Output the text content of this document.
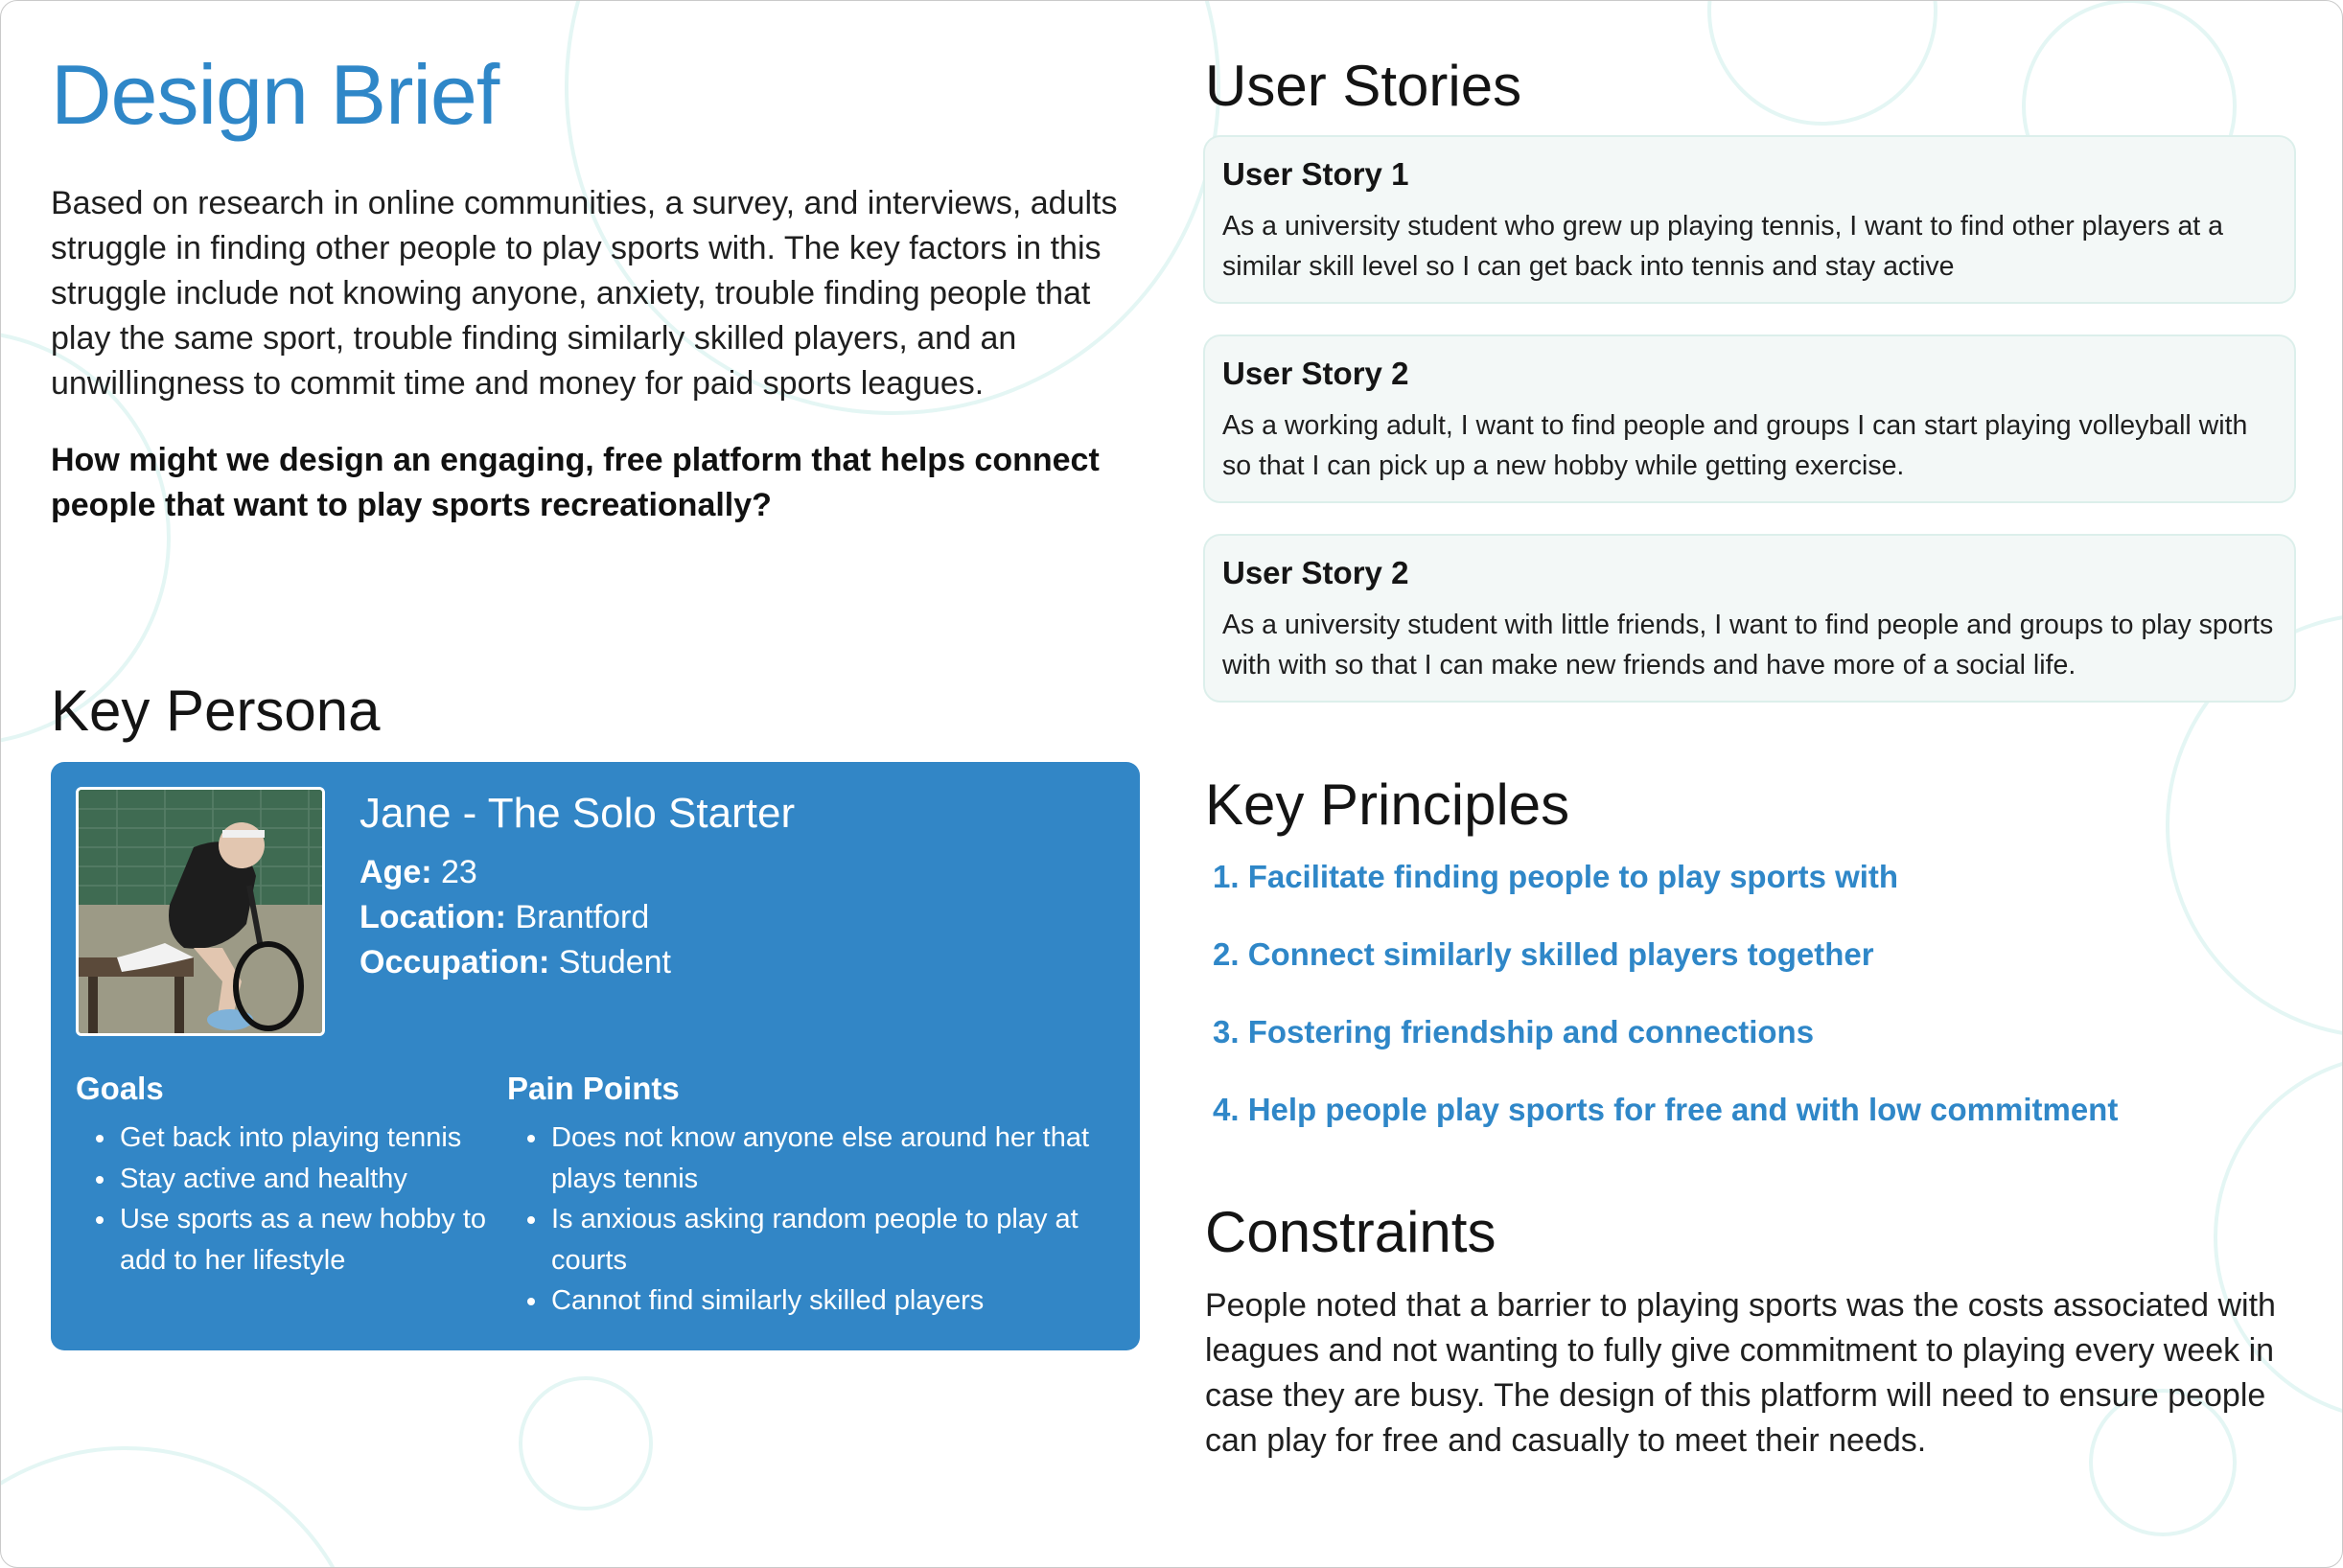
Design Brief

Based on research in online communities, a survey, and interviews, adults struggle in finding other people to play sports with. The key factors in this struggle include not knowing anyone, anxiety, trouble finding people that play the same sport, trouble finding similarly skilled players, and an unwillingness to commit time and money for paid sports leagues.

How might we design an engaging, free platform that helps connect people that want to play sports recreationally?

Key Persona
Jane - The Solo Starter
Age: 23
Location: Brantford
Occupation: Student
Goals
• Get back into playing tennis
• Stay active and healthy
• Use sports as a new hobby to add to her lifestyle
Pain Points
• Does not know anyone else around her that plays tennis
• Is anxious asking random people to play at courts
• Cannot find similarly skilled players
User Stories
User Story 1

As a university student who grew up playing tennis, I want to find other players at a similar skill level so I can get back into tennis and stay active

User Story 2

As a working adult, I want to find people and groups I can start playing volleyball with so that I can pick up a new hobby while getting exercise.

User Story 2

As a university student with little friends, I want to find people and groups to play sports with with so that I can make new friends and have more of a social life.

Key Principles
1. Facilitate finding people to play sports with
2. Connect similarly skilled players together
3. Fostering friendship and connections
4. Help people play sports for free and with low commitment
Constraints

People noted that a barrier to playing sports was the costs associated with leagues and not wanting to fully give commitment to playing every week in case they are busy. The design of this platform will need to ensure people can play for free and casually to meet their needs.
